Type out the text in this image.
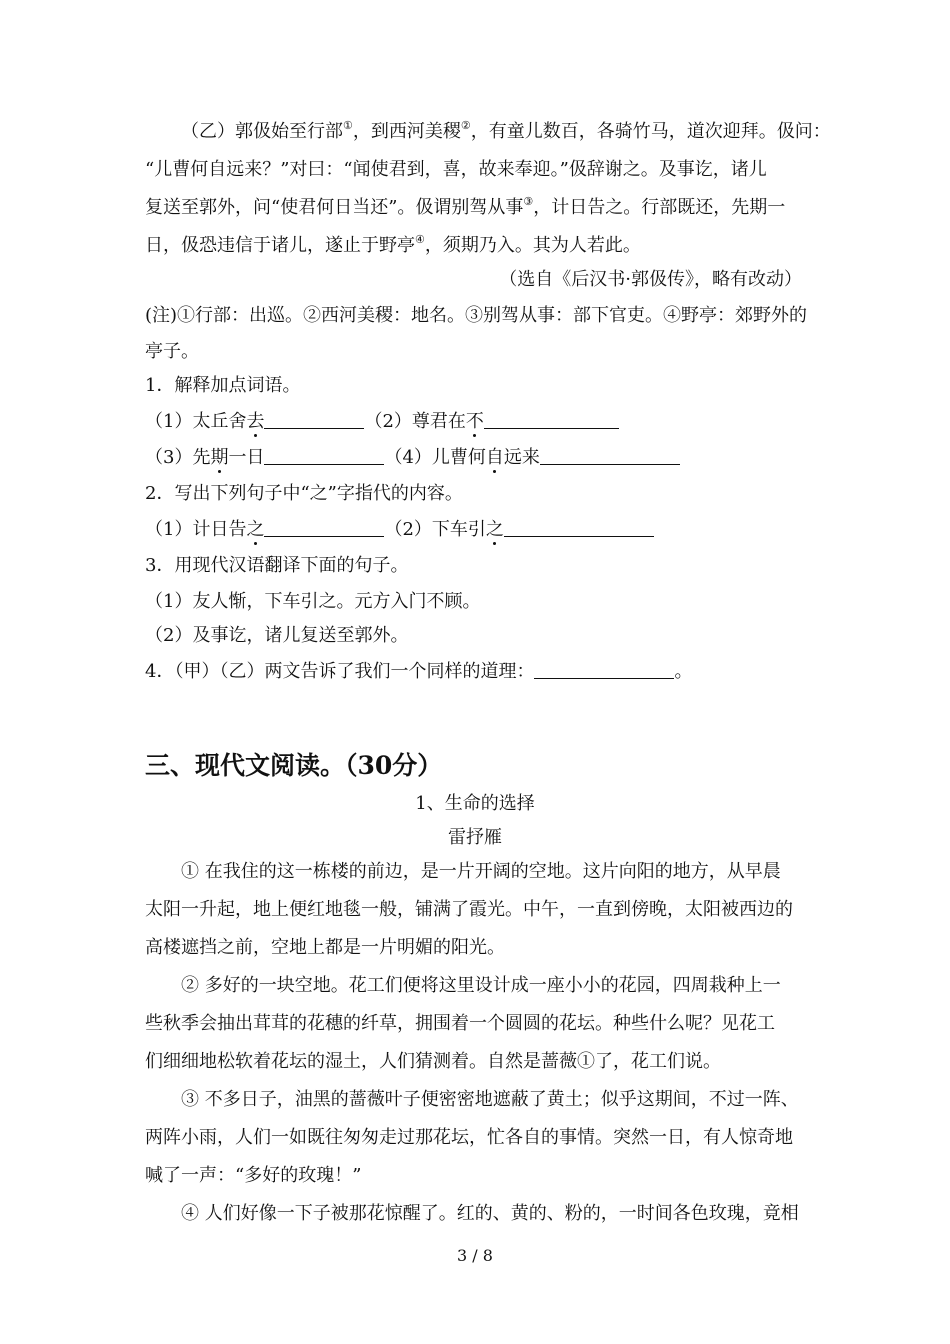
（乙）郭伋始至行部①，到西河美稷②，有童儿数百，各骑竹马，道次迎拜。伋问：
“儿曹何自远来？”对曰：“闻使君到，喜，故来奉迎。”伋辞谢之。及事讫，诸儿
复送至郭外，问“使君何日当还”。伋谓别驾从事③，计日告之。行部既还，先期一
日，伋恐违信于诸儿，遂止于野亭④，须期乃入。其为人若此。
（选自《后汉书·郭伋传》，略有改动）
(注)①行部：出巡。②西河美稷：地名。③别驾从事：部下官吏。④野亭：郊野外的
亭子。
1．解释加点词语。
（1）太丘舍去	（2）尊君在不
（3）先期一日	（4）儿曹何自远来
2．写出下列句子中“之”字指代的内容。
（1）计日告之	（2）下车引之
3．用现代汉语翻译下面的句子。
（1）友人惭，下车引之。元方入门不顾。
（2）及事讫，诸儿复送至郭外。
4．（甲）（乙）两文告诉了我们一个同样的道理：	。
三、现代文阅读。（30分）
1、生命的选择
雷抒雁
① 在我住的这一栋楼的前边，是一片开阔的空地。这片向阳的地方，从早晨
太阳一升起，地上便红地毯一般，铺满了霞光。中午，一直到傍晚，太阳被西边的
高楼遮挡之前，空地上都是一片明媚的阳光。
② 多好的一块空地。花工们便将这里设计成一座小小的花园，四周栽种上一
些秋季会抽出茸茸的花穗的纤草，拥围着一个圆圆的花坛。种些什么呢？见花工
们细细地松软着花坛的湿土，人们猜测着。自然是蔷薇①了，花工们说。
③ 不多日子，油黑的蔷薇叶子便密密地遮蔽了黄土；似乎这期间，不过一阵、
两阵小雨，人们一如既往匆匆走过那花坛，忙各自的事情。突然一日，有人惊奇地
喊了一声：“多好的玫瑰！”
④ 人们好像一下子被那花惊醒了。红的、黄的、粉的，一时间各色玫瑰，竟相
3 / 8
